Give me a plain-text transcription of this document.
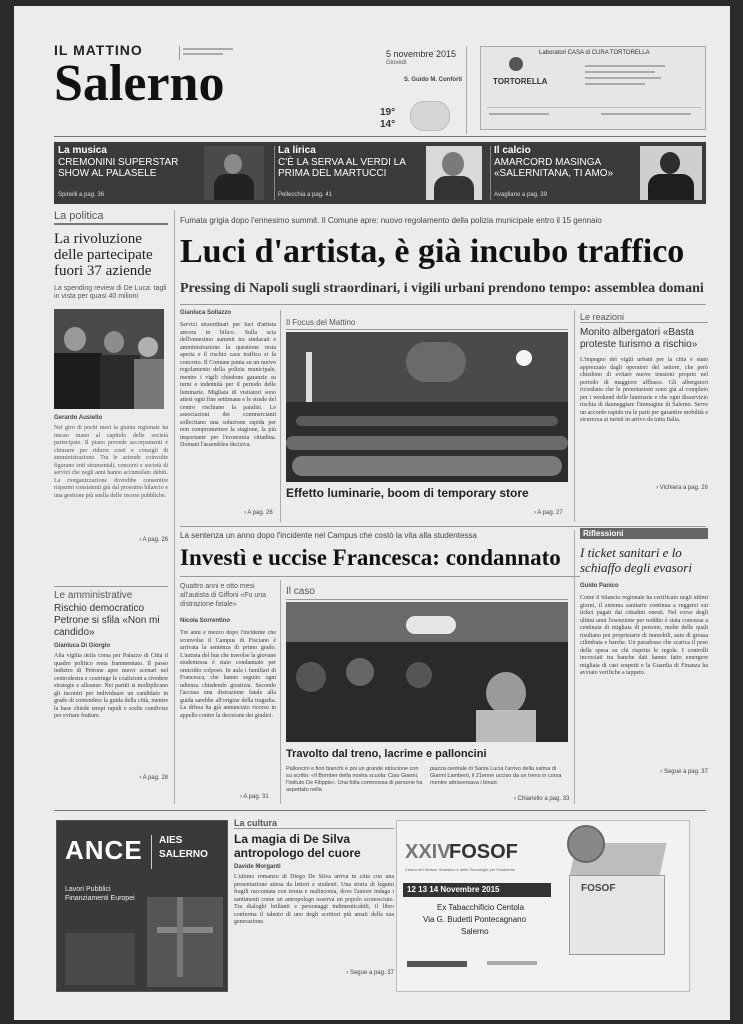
IL MATTINO
Salerno
5 novembre 2015
Giovedì
S. Guido M. Conforti
19°
14°
Laboratori CASA di CURA TORTORELLA
TORTORELLA
La musica
CREMONINI SUPERSTAR SHOW AL PALASELE
Spinelli a pag. 36
La lirica
C'È LA SERVA AL VERDI LA PRIMA DEL MARTUCCI
Pellecchia a pag. 41
Il calcio
AMARCORD MASINGA «SALERNITANA, TI AMO»
Avagliano a pag. 39
La politica
La rivoluzione delle partecipate fuori 37 aziende
La spending review di De Luca: tagli in vista per quasi 40 milioni
Gerardo Ausiello
Nel giro di pochi mesi la giunta regionale ha messo mano al capitolo delle società partecipate. Il piano prevede accorpamenti e chiusure per ridurre costi e consigli di amministrazione. Tra le aziende coinvolte figurano enti strumentali, consorzi e società di servizi che negli anni hanno accumulato debiti. La riorganizzazione dovrebbe consentire risparmi consistenti già dal prossimo bilancio e una gestione più snella delle risorse pubbliche.
› A pag. 26
Fumata grigia dopo l'ennesimo summit. Il Comune apre: nuovo regolamento della polizia municipale entro il 15 gennaio
Luci d'artista, è già incubo traffico
Pressing di Napoli sugli straordinari, i vigili urbani prendono tempo: assemblea domani
Gianluca Sollazzo
Servizi straordinari per luci d'artista ancora in bilico. Sulla scia dell'ennesimo summit tra sindacati e amministrazione la questione resta aperta e il rischio caos traffico si fa concreto. Il Comune punta su un nuovo regolamento della polizia municipale, mentre i vigili chiedono garanzie su turni e indennità per il periodo delle luminarie. Migliaia di visitatori sono attesi ogni fine settimana e le strade del centro rischiano la paralisi. Le associazioni dei commercianti sollecitano una soluzione rapida per non compromettere la stagione, la più importante per l'economia cittadina. Domani l'assemblea decisiva.
› A pag. 26
Il Focus del Mattino
Effetto luminarie, boom di temporary store
› A pag. 27
Le reazioni
Monito albergatori «Basta proteste turismo a rischio»
L'impegno dei vigili urbani per la città è stato apprezzato dagli operatori del settore, che però chiedono di evitare nuove tensioni proprio nel periodo di maggiore afflusso. Gli albergatori ricordano che le prenotazioni sono già al completo per i weekend delle luminarie e che ogni disservizio rischia di danneggiare l'immagine di Salerno. Serve un accordo rapido tra le parti per garantire mobilità e sicurezza ai turisti in arrivo da tutta Italia.
› Vichiera a pag. 26
Le amministrative
Rischio democratico Petrone si sfila «Non mi candido»
Gianluca Di Giorgio
Alla vigilia della corsa per Palazzo di Città il quadro politico resta frammentato. Il passo indietro di Petrone apre nuovi scenari nel centrodestra e costringe le coalizioni a rivedere strategie e alleanze. Nei partiti si moltiplicano gli incontri per individuare un candidato in grado di contendere la guida della città, mentre la base chiede tempi rapidi e scelte condivise per evitare fratture.
› A pag. 28
La sentenza un anno dopo l'incidente nel Campus che costò la vita alla studentessa
Investì e uccise Francesca: condannato
Quattro anni e otto mesi all'autista di Giffoni «Fu una distrazione fatale»
Nicola Sorrentino
Tre anni e mezzo dopo l'incidente che sconvolse il Campus di Fisciano è arrivata la sentenza di primo grado. L'autista del bus che travolse la giovane studentessa è stato condannato per omicidio colposo. In aula i familiari di Francesca, che hanno seguito ogni udienza chiedendo giustizia. Secondo l'accusa una distrazione fatale alla guida sarebbe all'origine della tragedia. La difesa ha già annunciato ricorso in appello contro la decisione dei giudici.
› A pag. 31
Il caso
Travolto dal treno, lacrime e palloncini
Palloncini e fiori bianchi e poi un grande striscione con su scritto: «Il Bomber della nostra scuola: Ciao Gianni, l'Istituto De Filippis». Una folla commossa di persone ha aspettato nella
piazza centrale di Santa Lucia l'arrivo della salma di Gianni Lamberti, il 21enne ucciso da un treno in corsa mentre attraversava i binari.
› Chiariello a pag. 33
Riflessioni
I ticket sanitari e lo schiaffo degli evasori
Guido Panico
Come il bilancio regionale ha certificato negli ultimi giorni, il sistema sanitario continua a reggersi sui ticket pagati dai cittadini onesti. Nel corso degli ultimi anni l'esenzione per reddito è stata concessa a centinaia di migliaia di persone, molte delle quali risultano poi proprietarie di immobili, auto di grossa cilindrata e barche. Un paradosso che scarica il peso della spesa su chi rispetta le regole. I controlli incrociati tra banche dati hanno fatto emergere migliaia di casi sospetti e la Guardia di Finanza ha avviato verifiche a tappeto.
› Segue a pag. 37
ANCE AIES
SALERNO
Lavori Pubblici Finanziamenti Europei
La cultura
La magia di De Silva antropologo del cuore
Davide Morganti
L'ultimo romanzo di Diego De Silva arriva in città con una presentazione attesa da lettori e studenti. Una storia di legami fragili raccontata con ironia e malinconia, dove l'autore indaga i sentimenti come un antropologo osserva un popolo sconosciuto. Tra dialoghi brillanti e personaggi indimenticabili, il libro conferma il talento di uno degli scrittori più amati della sua generazione.
› Segue a pag. 37
XXIV
FOSOF
Centro del Settore Vivaistico e delle Tecnologie per l'Ambiente
12 13 14 Novembre 2015
Ex Tabacchificio Centola
Via G. Budetti Pontecagnano
Salerno
FOSOF
